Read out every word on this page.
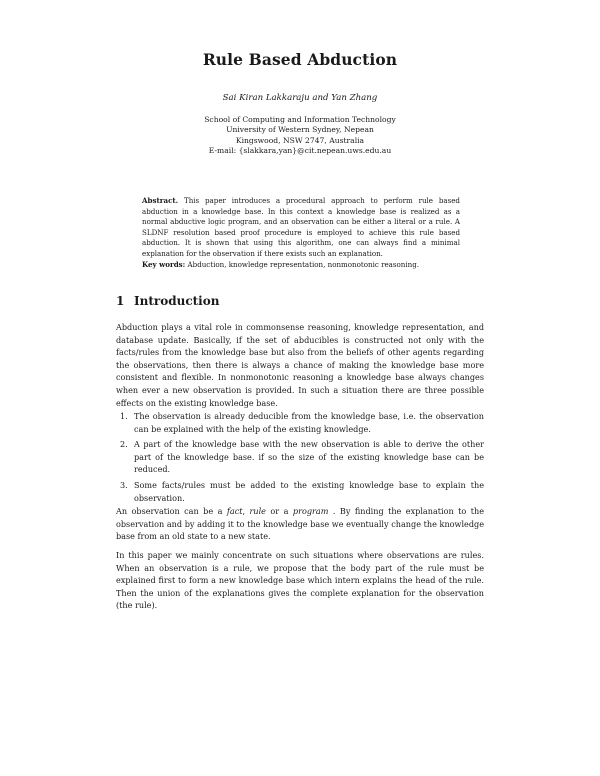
Rule Based Abduction
Sai Kiran Lakkaraju and Yan Zhang
School of Computing and Information Technology
University of Western Sydney, Nepean
Kingswood, NSW 2747, Australia
E-mail: {slakkara,yan}@cit.nepean.uws.edu.au

Abstract. This paper introduces a procedural approach to perform rule based abduction in a knowledge base. In this context a knowledge base is realized as a normal abductive logic program, and an observation can be either a literal or a rule. A SLDNF resolution based proof procedure is employed to achieve this rule based abduction. It is shown that using this algorithm, one can always find a minimal explanation for the observation if there exists such an explanation.

Key words: Abduction, knowledge representation, nonmonotonic reasoning.

1 Introduction

Abduction plays a vital role in commonsense reasoning, knowledge representation, and database update. Basically, if the set of abducibles is constructed not only with the facts/rules from the knowledge base but also from the beliefs of other agents regarding the observations, then there is always a chance of making the knowledge base more consistent and flexible. In nonmonotonic reasoning a knowledge base always changes when ever a new observation is provided. In such a situation there are three possible effects on the existing knowledge base.

1. The observation is already deducible from the knowledge base, i.e. the observation can be explained with the help of the existing knowledge.
2. A part of the knowledge base with the new observation is able to derive the other part of the knowledge base. if so the size of the existing knowledge base can be reduced.
3. Some facts/rules must be added to the existing knowledge base to explain the observation.

An observation can be a fact, rule or a program . By finding the explanation to the observation and by adding it to the knowledge base we eventually change the knowledge base from an old state to a new state.

In this paper we mainly concentrate on such situations where observations are rules. When an observation is a rule, we propose that the body part of the rule must be explained first to form a new knowledge base which intern explains the head of the rule. Then the union of the explanations gives the complete explanation for the observation (the rule).
